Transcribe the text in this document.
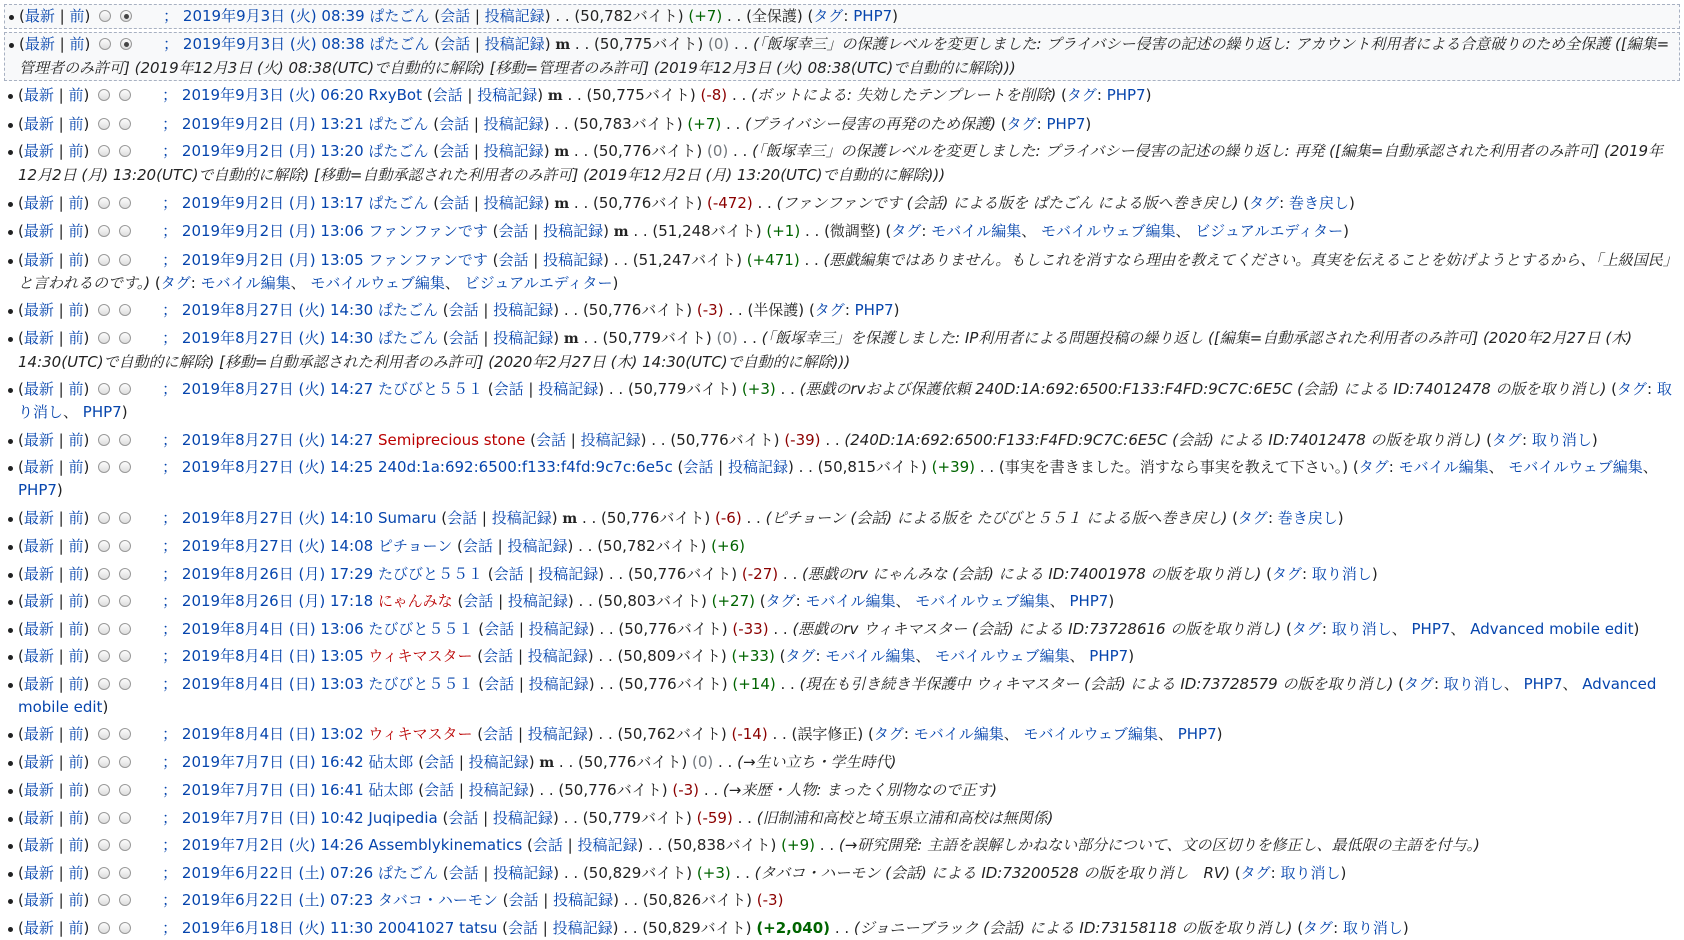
(最新 | 前)	； 2019年9月3日 (火) 08:39 ぱたごん (会話 | 投稿記録) . . (50,782バイト) (+7) . . (全保護) (タグ: PHP7)
(最新 | 前)	； 2019年9月3日 (火) 08:38 ぱたごん (会話 | 投稿記録) m . . (50,775バイト) (0) . . (「飯塚幸三」の保護レベルを変更しました: プライバシー侵害の記述の繰り返し: アカウント利用者による合意破りのため全保護 ([編集=管理者のみ許可] (2019年12月3日 (火) 08:38(UTC)で自動的に解除) [移動=管理者のみ許可] (2019年12月3日 (火) 08:38(UTC)で自動的に解除)))
(最新 | 前)	； 2019年9月3日 (火) 06:20 RxyBot (会話 | 投稿記録) m . . (50,775バイト) (-8) . . (ボットによる: 失効したテンプレートを削除) (タグ: PHP7)
(最新 | 前)	； 2019年9月2日 (月) 13:21 ぱたごん (会話 | 投稿記録) . . (50,783バイト) (+7) . . (プライバシー侵害の再発のため保護) (タグ: PHP7)
(最新 | 前)	； 2019年9月2日 (月) 13:20 ぱたごん (会話 | 投稿記録) m . . (50,776バイト) (0) . . (「飯塚幸三」の保護レベルを変更しました: プライバシー侵害の記述の繰り返し: 再発 ([編集=自動承認された利用者のみ許可] (2019年12月2日 (月) 13:20(UTC)で自動的に解除) [移動=自動承認された利用者のみ許可] (2019年12月2日 (月) 13:20(UTC)で自動的に解除)))
(最新 | 前)	； 2019年9月2日 (月) 13:17 ぱたごん (会話 | 投稿記録) m . . (50,776バイト) (-472) . . (ファンファンです (会話) による版を ぱたごん による版へ巻き戻し) (タグ: 巻き戻し)
(最新 | 前)	； 2019年9月2日 (月) 13:06 ファンファンです (会話 | 投稿記録) m . . (51,248バイト) (+1) . . (微調整) (タグ: モバイル編集、 モバイルウェブ編集、 ビジュアルエディター)
(最新 | 前)	； 2019年9月2日 (月) 13:05 ファンファンです (会話 | 投稿記録) . . (51,247バイト) (+471) . . (悪戯編集ではありません。もしこれを消すなら理由を教えてください。真実を伝えることを妨げようとするから、「上級国民」と言われるのです。) (タグ: モバイル編集、 モバイルウェブ編集、 ビジュアルエディター)
(最新 | 前)	； 2019年8月27日 (火) 14:30 ぱたごん (会話 | 投稿記録) . . (50,776バイト) (-3) . . (半保護) (タグ: PHP7)
(最新 | 前)	； 2019年8月27日 (火) 14:30 ぱたごん (会話 | 投稿記録) m . . (50,779バイト) (0) . . (「飯塚幸三」を保護しました: IP利用者による問題投稿の繰り返し ([編集=自動承認された利用者のみ許可] (2020年2月27日 (木) 14:30(UTC)で自動的に解除) [移動=自動承認された利用者のみ許可] (2020年2月27日 (木) 14:30(UTC)で自動的に解除)))
(最新 | 前)	； 2019年8月27日 (火) 14:27 たびびと５５１ (会話 | 投稿記録) . . (50,779バイト) (+3) . . (悪戯のrvおよび保護依頼 240D:1A:692:6500:F133:F4FD:9C7C:6E5C (会話) による ID:74012478 の版を取り消し) (タグ: 取り消し、 PHP7)
(最新 | 前)	； 2019年8月27日 (火) 14:27 Semiprecious stone (会話 | 投稿記録) . . (50,776バイト) (-39) . . (240D:1A:692:6500:F133:F4FD:9C7C:6E5C (会話) による ID:74012478 の版を取り消し) (タグ: 取り消し)
(最新 | 前)	； 2019年8月27日 (火) 14:25 240d:1a:692:6500:f133:f4fd:9c7c:6e5c (会話 | 投稿記録) . . (50,815バイト) (+39) . . (事実を書きました。消すなら事実を教えて下さい。) (タグ: モバイル編集、 モバイルウェブ編集、 PHP7)
(最新 | 前)	； 2019年8月27日 (火) 14:10 Sumaru (会話 | 投稿記録) m . . (50,776バイト) (-6) . . (ピチョーン (会話) による版を たびびと５５１ による版へ巻き戻し) (タグ: 巻き戻し)
(最新 | 前)	； 2019年8月27日 (火) 14:08 ピチョーン (会話 | 投稿記録) . . (50,782バイト) (+6)
(最新 | 前)	； 2019年8月26日 (月) 17:29 たびびと５５１ (会話 | 投稿記録) . . (50,776バイト) (-27) . . (悪戯のrv にゃんみな (会話) による ID:74001978 の版を取り消し) (タグ: 取り消し)
(最新 | 前)	； 2019年8月26日 (月) 17:18 にゃんみな (会話 | 投稿記録) . . (50,803バイト) (+27) (タグ: モバイル編集、 モバイルウェブ編集、 PHP7)
(最新 | 前)	； 2019年8月4日 (日) 13:06 たびびと５５１ (会話 | 投稿記録) . . (50,776バイト) (-33) . . (悪戯のrv ウィキマスター (会話) による ID:73728616 の版を取り消し) (タグ: 取り消し、 PHP7、 Advanced mobile edit)
(最新 | 前)	； 2019年8月4日 (日) 13:05 ウィキマスター (会話 | 投稿記録) . . (50,809バイト) (+33) (タグ: モバイル編集、 モバイルウェブ編集、 PHP7)
(最新 | 前)	； 2019年8月4日 (日) 13:03 たびびと５５１ (会話 | 投稿記録) . . (50,776バイト) (+14) . . (現在も引き続き半保護中 ウィキマスター (会話) による ID:73728579 の版を取り消し) (タグ: 取り消し、 PHP7、 Advanced mobile edit)
(最新 | 前)	； 2019年8月4日 (日) 13:02 ウィキマスター (会話 | 投稿記録) . . (50,762バイト) (-14) . . (誤字修正) (タグ: モバイル編集、 モバイルウェブ編集、 PHP7)
(最新 | 前)	； 2019年7月7日 (日) 16:42 砧太郎 (会話 | 投稿記録) m . . (50,776バイト) (0) . . (→生い立ち・学生時代)
(最新 | 前)	； 2019年7月7日 (日) 16:41 砧太郎 (会話 | 投稿記録) . . (50,776バイト) (-3) . . (→来歴・人物: まったく別物なので正す)
(最新 | 前)	； 2019年7月7日 (日) 10:42 Juqipedia (会話 | 投稿記録) . . (50,779バイト) (-59) . . (旧制浦和高校と埼玉県立浦和高校は無関係)
(最新 | 前)	； 2019年7月2日 (火) 14:26 Assemblykinematics (会話 | 投稿記録) . . (50,838バイト) (+9) . . (→研究開発: 主語を誤解しかねない部分について、文の区切りを修正し、最低限の主語を付与。)
(最新 | 前)	； 2019年6月22日 (土) 07:26 ぱたごん (会話 | 投稿記録) . . (50,829バイト) (+3) . . (タバコ・ハーモン (会話) による ID:73200528 の版を取り消し　RV) (タグ: 取り消し)
(最新 | 前)	； 2019年6月22日 (土) 07:23 タバコ・ハーモン (会話 | 投稿記録) . . (50,826バイト) (-3)
(最新 | 前)	； 2019年6月18日 (火) 11:30 20041027 tatsu (会話 | 投稿記録) . . (50,829バイト) (+2,040) . . (ジョニーブラック (会話) による ID:73158118 の版を取り消し) (タグ: 取り消し)
